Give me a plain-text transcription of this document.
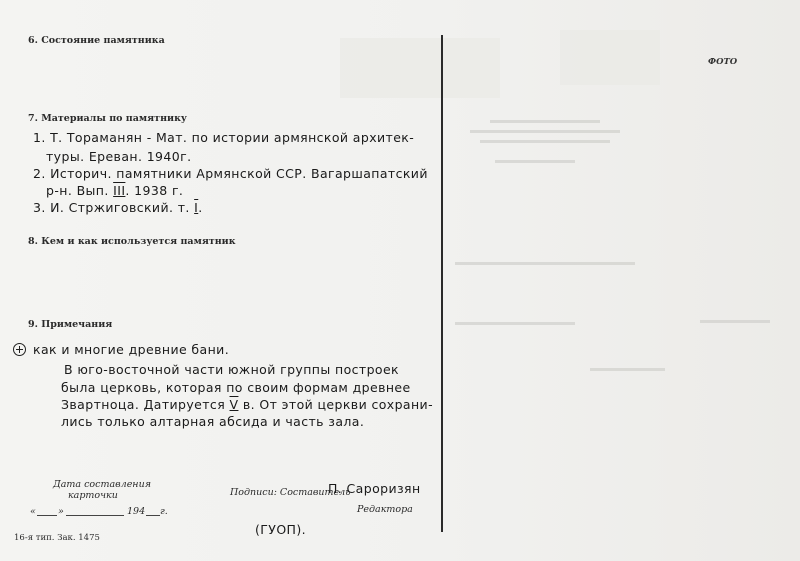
6. Состояние памятника
7. Материалы по памятнику
8. Кем и как используется памятник
9. Примечания
1. Т. Тораманян - Мат. по истории армянской архитек-
туры. Ереван. 1940г.
2. Историч. памятники Армянской ССР. Вагаршапатский
р-н. Вып. III. 1938 г.
3. И. Стржиговский. т. I.
как и многие древние бани.
В юго-восточной части южной группы построек
была церковь, которая по своим формам древнее
Звартноца. Датируется V в. От этой церкви сохрани-
лись только алтарная абсида и часть зала.
Дата составления
карточки
« »	194 г.
Подписи: Составитель
П. Сароризян
Редактора
(ГУОП).
16-я тип. Зак. 1475
ФОТО
